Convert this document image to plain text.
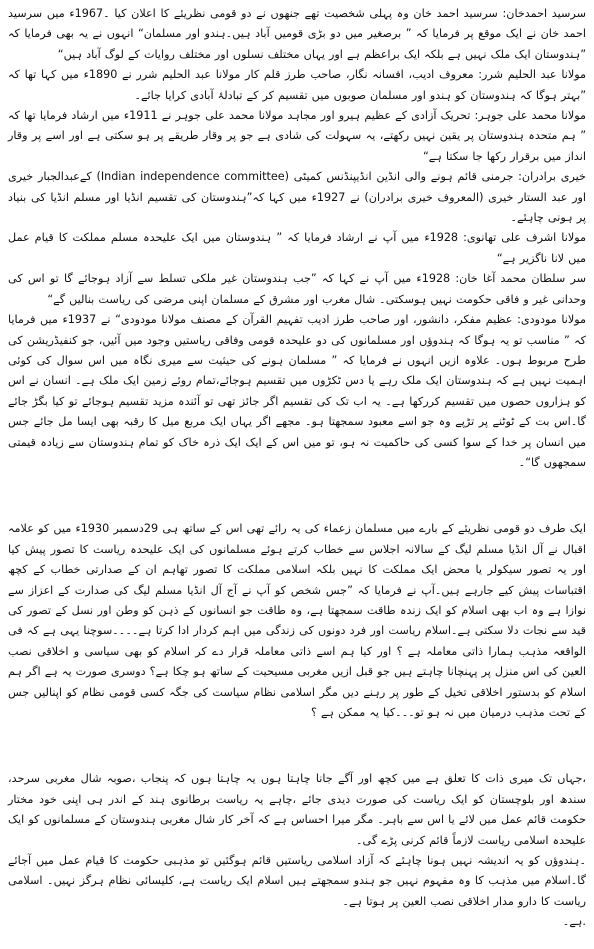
سرسید احمدخان: سرسید احمد خان وہ پہلی شخصیت تھے جنھوں نے دو قومی نظریئے کا اعلان کیا ۔1967ء میں سرسید احمد خان نے ایک موقع پر فرمایا کہ ” برصغیر میں دو بڑی قومیں آباد ہیں۔ہندو اور مسلمان“ انہوں نے یہ بھی فرمایا کہ ”ہندوستان ایک ملک نہیں ہے بلکہ ایک براعظم ہے اور یہاں مختلف نسلوں اور مختلف روایات کے لوگ آباد ہیں“

مولانا عبد الحلیم شرر: معروف ادیب، افسانہ نگار، صاحب طرز قلم کار مولانا عبد الحلیم شرر نے 1890ء میں کہا تھا کہ ”بہتر ہوگا کہ ہندوستان کو ہندو اور مسلمان صوبوں میں تقسیم کر کے تبادلۂ آبادی کرایا جائے۔

مولانا محمد علی جوہر: تحریک آزادی کے عظیم ہیرو اور مجاہد مولانا محمد علی جوہر نے 1911ء میں ارشاد فرمایا تھا کہ ” ہم متحدہ ہندوستان پر یقین نہیں رکھتے، یہ سہولت کی شادی ہے جو پر وقار طریقے پر ہو سکتی ہے اور اسے پر وقار انداز میں برقرار رکھا جا سکتا ہے“

خیری برادران: جرمنی قائم ہونے والی انڈین انڈیپنڈنس کمیٹی (Indian independence committee) کےعبدالجبار خیری اور عبد الستار خیری (المعروف خیری برادران) نے 1927ء میں کہا کہ”ہندوستان کی تقسیم انڈیا اور مسلم انڈیا کی بنیاد پر ہونی چاہئے۔

مولانا اشرف علی تھانوی: 1928ء میں آپ نے ارشاد فرمایا کہ ” ہندوستان میں ایک علیحدہ مسلم مملکت کا قیام عمل میں لانا ناگزیر ہے“

سر سلطان محمد آغا خان: 1928ء میں آپ نے کہا کہ ”جب ہندوستان غیر ملکی تسلط سے آزاد ہوجائے گا تو اس کی وحدانی غیر و فاقی حکومت نہیں ہوسکتی۔ شال مغرب اور مشرق کے مسلمان اپنی مرضی کی ریاست بنالیں گے“

مولانا مودودی: عظیم مفکر، دانشور، اور صاحب طرز ادیب تفہیم القرآن کے مصنف مولانا مودودی“ نے 1937ء میں فرمایا کہ ” مناسب تو یہ ہوگا کہ ہندوؤں اور مسلمانوں کی دو علیحدہ قومی وفاقی ریاستیں وجود میں آئیں، جو کنفیڈریشن کی طرح مربوط ہوں۔ علاوہ ازیں انہوں نے فرمایا کہ ” مسلمان ہونے کی حیثیت سے میری نگاہ میں اس سوال کی کوئی اہمیت نہیں ہے کہ ہندوستان ایک ملک رہے یا دس ٹکڑوں میں تقسیم ہوجائے،تمام روئے زمین ایک ملک ہے۔ انسان نے اس کو ہزاروں حصوں میں تقسیم کررکھا ہے۔ یہ اب تک کی تقسیم اگر جائز تھی تو آئندہ مزید تقسیم ہوجائے تو کیا بگڑ جائے گا۔اس بت کے ٹوٹنے پر تڑپے وہ جو اسے معبود سمجھتا ہو۔ مجھے اگر یہاں ایک مربع میل کا رقبہ بھی ایسا مل جائے جس میں انسان پر خدا کے سوا کسی کی حاکمیت نہ ہو، تو میں اس کے ایک ایک ذرہ خاک کو تمام ہندوستان سے زیادہ قیمتی سمجھوں گا“۔

ایک طرف دو قومی نظریئے کے بارے میں مسلمان زعماء کی یہ رائے تھی اس کے ساتھ ہی 29دسمبر 1930ء میں کو علامہ اقبال نے آل انڈیا مسلم لیگ کے سالانہ اجلاس سے خطاب کرتے ہوئے مسلمانوں کی ایک علیحدہ ریاست کا تصور پیش کیا اور یہ تصور سیکولر یا محض ایک مملکت کا نہیں بلکہ اسلامی مملکت کا تصور تھاہم ان کے صدارتی خطاب کے کچھ اقتباسات پیش کیے جارہے ہیں۔آپ نے فرمایا کہ ”جس شخص کو آپ نے آج آل انڈیا مسلم لیگ کی صدارت کے اعزاز سے نوازا ہے وہ اب بھی اسلام کو ایک زندہ طاقت سمجھتا ہے، وہ طاقت جو انسانوں کے ذہن کو وطن اور نسل کے تصور کی قید سے نجات دلا سکتی ہے۔اسلام ریاست اور فرد دونوں کی زندگی میں اہم کردار ادا کرتا ہے۔۔۔۔سوچنا یہی ہے کہ فی الواقعہ مذہب ہمارا ذاتی معاملہ ہے ؟ اور کیا ہم اسے ذاتی معاملہ قرار دے کر اسلام کو بھی سیاسی و اخلاقی نصب العین کی اس منزل پر پہنچانا چاہتے ہیں جو قبل ازیں مغربی مسیحیت کے ساتھ ہو چکا ہے؟ دوسری صورت یہ ہے اگر ہم اسلام کو بدستور اخلاقی تخیل کے طور پر رہنے دیں مگر اسلامی نظام سیاست کی جگہ کسی قومی نظام کو اپنالیں جس کے تحت مذہب درمیان میں نہ ہو تو۔۔۔کیا یہ ممکن ہے ؟

،جہاں تک میری ذات کا تعلق ہے میں کچھ اور آگے جانا چاہتا ہوں یہ چاہتا ہوں کہ پنجاب ،صوبہ شال مغربی سرحد، سندھ اور بلوچستان کو ایک ریاست کی صورت دیدی جائے ،چاہے یہ ریاست برطانوی ہند کے اندر ہی اپنی خود مختار حکومت قائم عمل میں لائے یا اس سے باہر۔ مگر میرا احساس ہے کہ آخر کار شال مغربی ہندوستان کے مسلمانوں کو ایک علیحدہ اسلامی ریاست لازماً قائم کرنی پڑے گی۔

۔ہندوؤں کو یہ اندیشہ نہیں ہونا چاہئے کہ آزاد اسلامی ریاستیں قائم ہوگئیں تو مذہبی حکومت کا قیام عمل میں آجائے گا۔اسلام میں مذہب کا وہ مفہوم نہیں جو ہندو سمجھتے ہیں اسلام ایک ریاست ہے، کلیسائی نظام ہرگز نہیں۔ اسلامی ریاست کا دارو مدار اخلاقی نصب العین پر ہوتا ہے۔

.ہے۔
